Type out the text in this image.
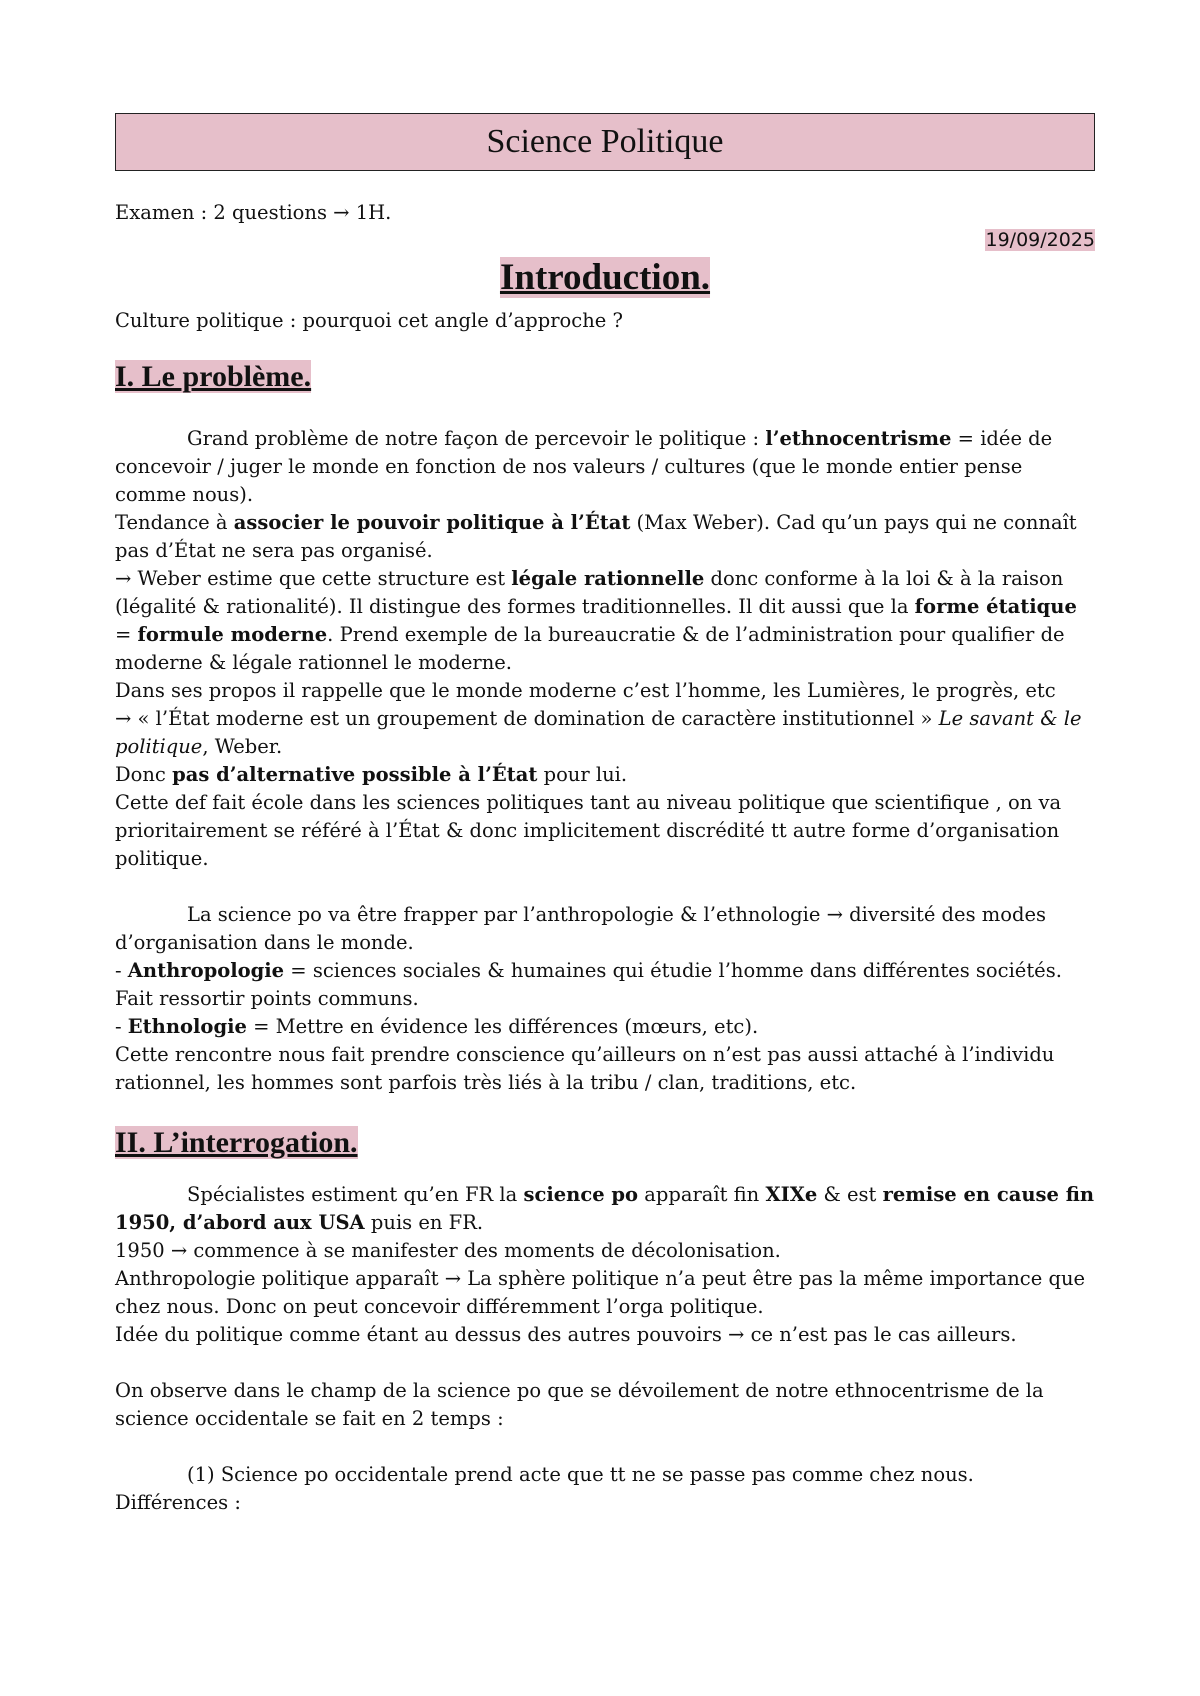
Science Politique

Examen : 2 questions → 1H.

19/09/2025
Introduction.

Culture politique : pourquoi cet angle d’approche ?

I. Le problème.

Grand problème de notre façon de percevoir le politique : l’ethnocentrisme = idée de concevoir / juger le monde en fonction de nos valeurs / cultures (que le monde entier pense comme nous).

Tendance à associer le pouvoir politique à l’État (Max Weber). Cad qu’un pays qui ne connaît pas d’État ne sera pas organisé.

→ Weber estime que cette structure est légale rationnelle donc conforme à la loi & à la raison (légalité & rationalité). Il distingue des formes traditionnelles. Il dit aussi que la forme étatique = formule moderne. Prend exemple de la bureaucratie & de l’administration pour qualifier de moderne & légale rationnel le moderne.

Dans ses propos il rappelle que le monde moderne c’est l’homme, les Lumières, le progrès, etc

→ « l’État moderne est un groupement de domination de caractère institutionnel » Le savant & le politique, Weber.

Donc pas d’alternative possible à l’État pour lui.

Cette def fait école dans les sciences politiques tant au niveau politique que scientifique , on va prioritairement se référé à l’État & donc implicitement discrédité tt autre forme d’organisation politique.

La science po va être frapper par l’anthropologie & l’ethnologie → diversité des modes d’organisation dans le monde.

- Anthropologie = sciences sociales & humaines qui étudie l’homme dans différentes sociétés. Fait ressortir points communs.

- Ethnologie = Mettre en évidence les différences (mœurs, etc).

Cette rencontre nous fait prendre conscience qu’ailleurs on n’est pas aussi attaché à l’individu rationnel, les hommes sont parfois très liés à la tribu / clan, traditions, etc.

II. L’interrogation.

Spécialistes estiment qu’en FR la science po apparaît fin XIXe & est remise en cause fin 1950, d’abord aux USA puis en FR.

1950 → commence à se manifester des moments de décolonisation.

Anthropologie politique apparaît → La sphère politique n’a peut être pas la même importance que chez nous. Donc on peut concevoir différemment l’orga politique.

Idée du politique comme étant au dessus des autres pouvoirs → ce n’est pas le cas ailleurs.

On observe dans le champ de la science po que se dévoilement de notre ethnocentrisme de la science occidentale se fait en 2 temps :

(1) Science po occidentale prend acte que tt ne se passe pas comme chez nous.

Différences :
